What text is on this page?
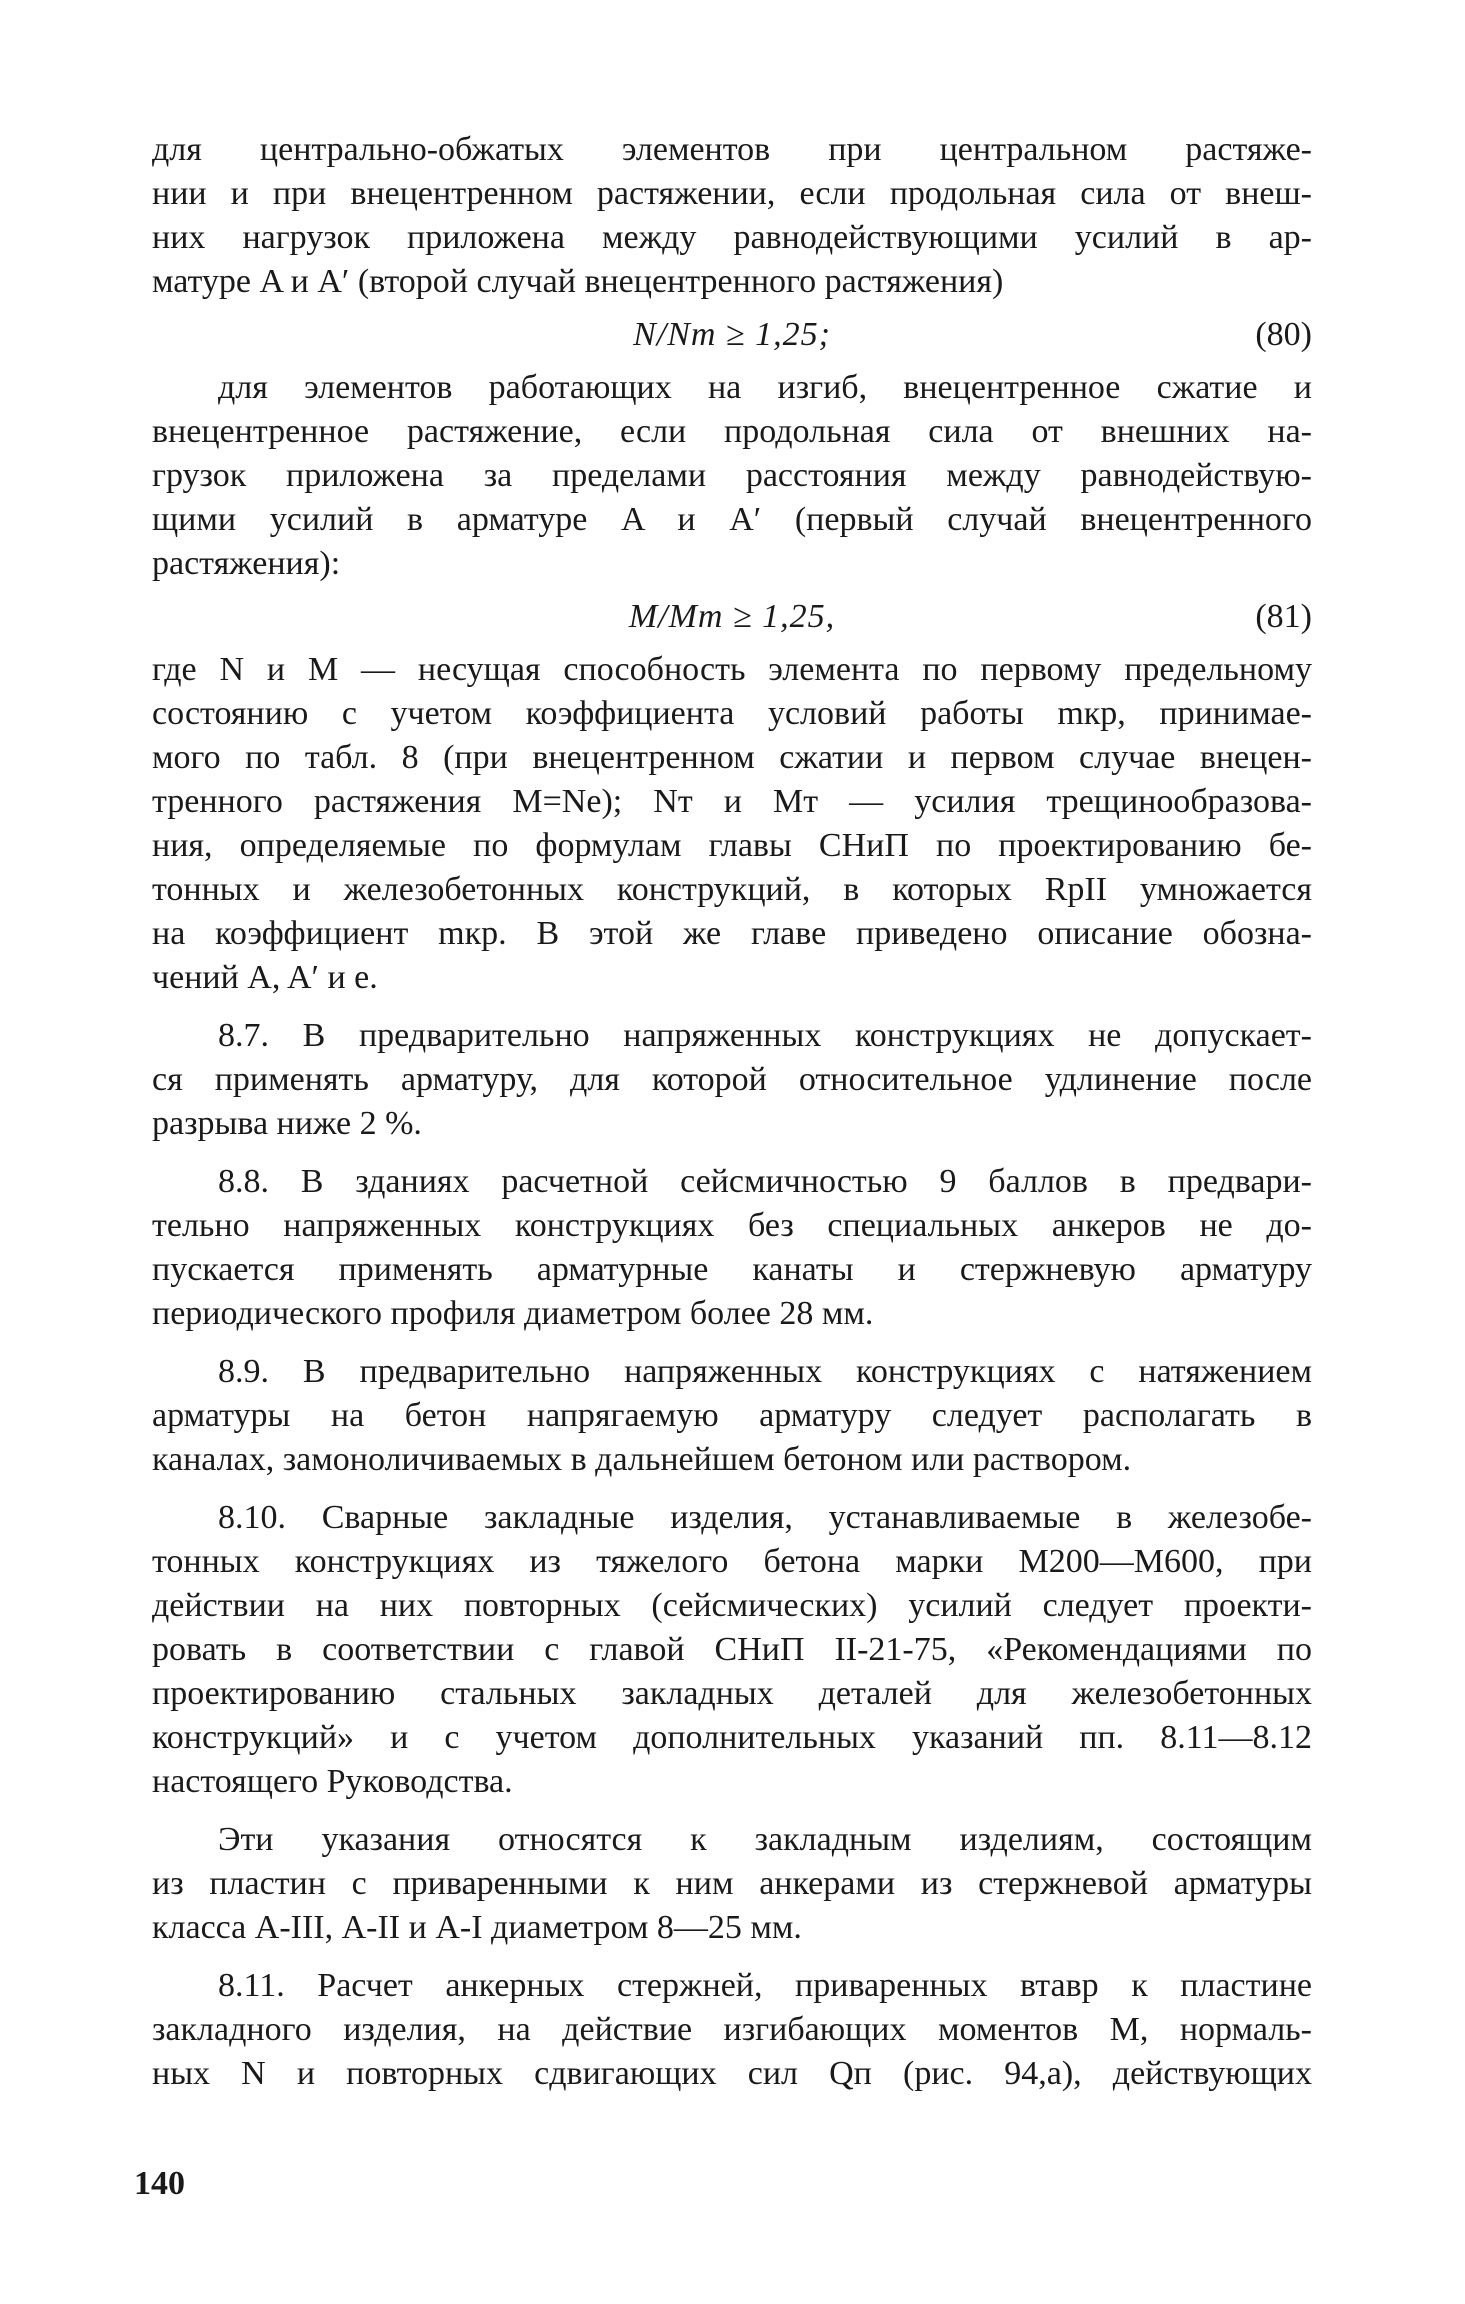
для центрально-обжатых элементов при центральном растяже-
нии и при внецентренном растяжении, если продольная сила от внеш-
них нагрузок приложена между равнодействующими усилий в ар-
матуре A и A′ (второй случай внецентренного растяжения)
N/Nт ≥ 1,25;	(80)
для элементов работающих на изгиб, внецентренное сжатие и
внецентренное растяжение, если продольная сила от внешних на-
грузок приложена за пределами расстояния между равнодействую-
щими усилий в арматуре A и A′ (первый случай внецентренного
растяжения):
M/Mт ≥ 1,25,	(81)
где N и M — несущая способность элемента по первому предельному
состоянию с учетом коэффициента условий работы mкр, принимае-
мого по табл. 8 (при внецентренном сжатии и первом случае внецен-
тренного растяжения M=Ne); Nт и Mт — усилия трещинообразова-
ния, определяемые по формулам главы СНиП по проектированию бе-
тонных и железобетонных конструкций, в которых RрII умножается
на коэффициент mкр. В этой же главе приведено описание обозна-
чений A, A′ и e.
8.7. В предварительно напряженных конструкциях не допускает-
ся применять арматуру, для которой относительное удлинение после
разрыва ниже 2 %.
8.8. В зданиях расчетной сейсмичностью 9 баллов в предвари-
тельно напряженных конструкциях без специальных анкеров не до-
пускается применять арматурные канаты и стержневую арматуру
периодического профиля диаметром более 28 мм.
8.9. В предварительно напряженных конструкциях с натяжением
арматуры на бетон напрягаемую арматуру следует располагать в
каналах, замоноличиваемых в дальнейшем бетоном или раствором.
8.10. Сварные закладные изделия, устанавливаемые в железобе-
тонных конструкциях из тяжелого бетона марки М200—М600, при
действии на них повторных (сейсмических) усилий следует проекти-
ровать в соответствии с главой СНиП II-21-75, «Рекомендациями по
проектированию стальных закладных деталей для железобетонных
конструкций» и с учетом дополнительных указаний пп. 8.11—8.12
настоящего Руководства.
Эти указания относятся к закладным изделиям, состоящим
из пластин с приваренными к ним анкерами из стержневой арматуры
класса А-III, А-II и А-I диаметром 8—25 мм.
8.11. Расчет анкерных стержней, приваренных втавр к пластине
закладного изделия, на действие изгибающих моментов M, нормаль-
ных N и повторных сдвигающих сил Qп (рис. 94,а), действующих
140
